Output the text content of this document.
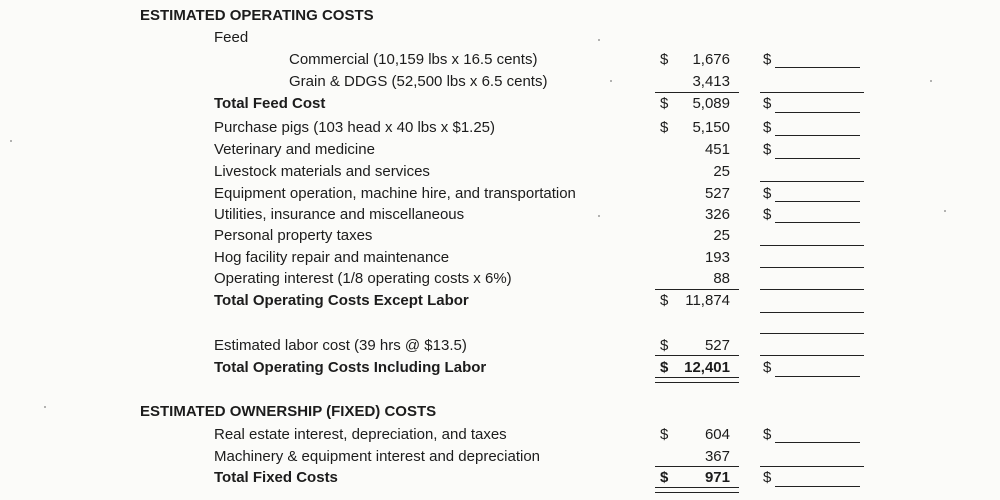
ESTIMATED OPERATING COSTS
Feed
Commercial (10,159 lbs x 16.5 cents)	$ 1,676 $
Grain & DDGS (52,500 lbs x 6.5 cents)	3,413
Total Feed Cost	$ 5,089 $
Purchase pigs (103 head x 40 lbs x $1.25)	$ 5,150 $
Veterinary and medicine	451 $
Livestock materials and services	25
Equipment operation, machine hire, and transportation	527 $
Utilities, insurance and miscellaneous	326 $
Personal property taxes	25
Hog facility repair and maintenance	193
Operating interest (1/8 operating costs x 6%)	88
Total Operating Costs Except Labor	$ 11,874
Estimated labor cost (39 hrs @ $13.5)	$ 527
Total Operating Costs Including Labor	$ 12,401 $
ESTIMATED OWNERSHIP (FIXED) COSTS
Real estate interest, depreciation, and taxes	$ 604 $
Machinery & equipment interest and depreciation	367
Total Fixed Costs	$ 971 $
